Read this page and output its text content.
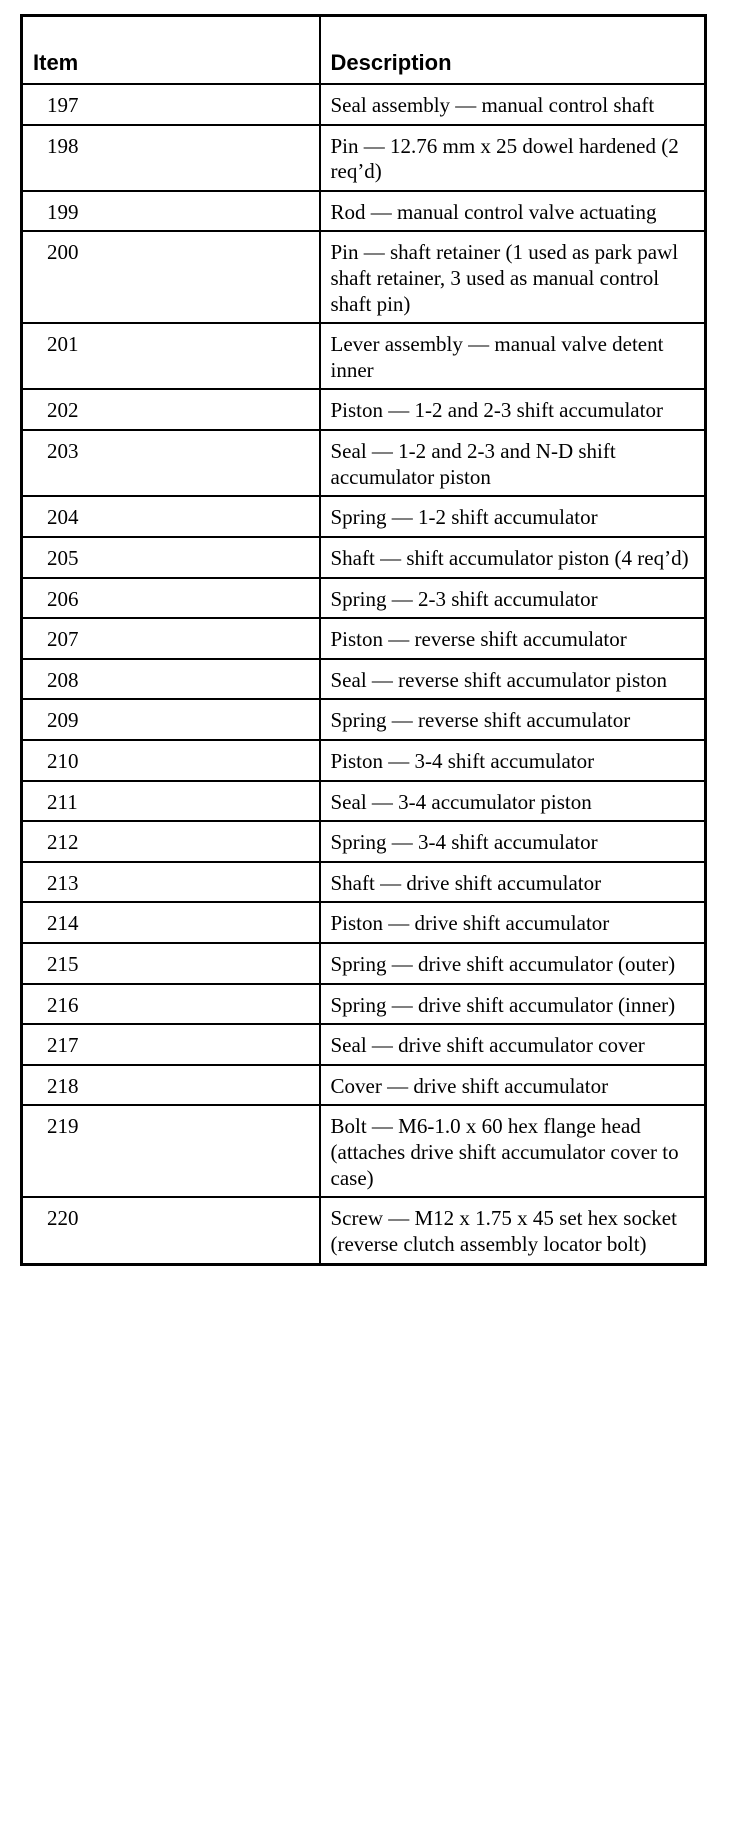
Item	Description
197	Seal assembly — manual control shaft
198	Pin — 12.76 mm x 25 dowel hardened (2 req’d)
199	Rod — manual control valve actuating
200	Pin — shaft retainer (1 used as park pawl shaft retainer, 3 used as manual control shaft pin)
201	Lever assembly — manual valve detent inner
202	Piston — 1-2 and 2-3 shift accumulator
203	Seal — 1-2 and 2-3 and N-D shift accumulator piston
204	Spring — 1-2 shift accumulator
205	Shaft — shift accumulator piston (4 req’d)
206	Spring — 2-3 shift accumulator
207	Piston — reverse shift accumulator
208	Seal — reverse shift accumulator piston
209	Spring — reverse shift accumulator
210	Piston — 3-4 shift accumulator
211	Seal — 3-4 accumulator piston
212	Spring — 3-4 shift accumulator
213	Shaft — drive shift accumulator
214	Piston — drive shift accumulator
215	Spring — drive shift accumulator (outer)
216	Spring — drive shift accumulator (inner)
217	Seal — drive shift accumulator cover
218	Cover — drive shift accumulator
219	Bolt — M6-1.0 x 60 hex flange head (attaches drive shift accumulator cover to case)
220	Screw — M12 x 1.75 x 45 set hex socket (reverse clutch assembly locator bolt)
